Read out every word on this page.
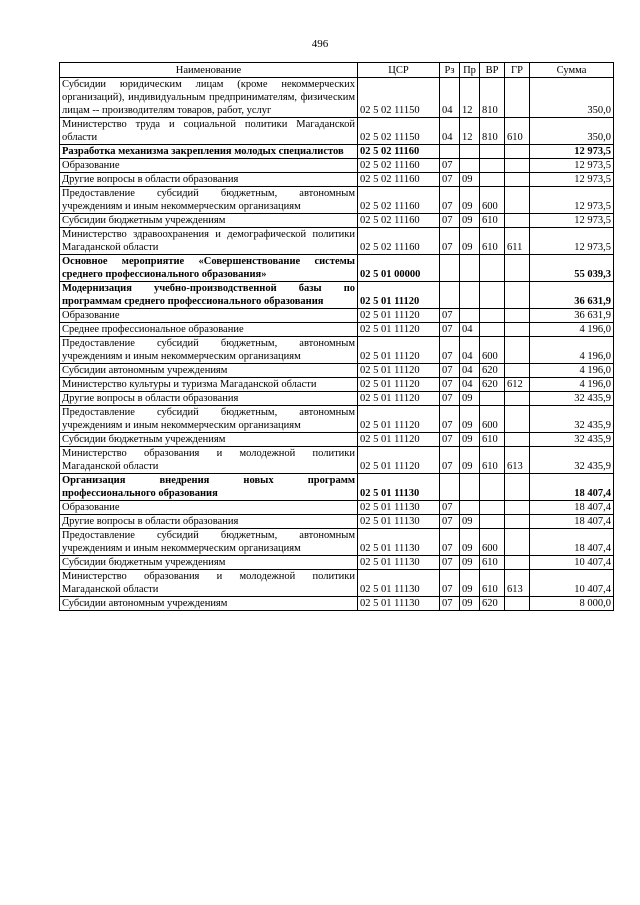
496
Наименование	ЦСР	Рз	Пр	ВР	ГР	Сумма
Субсидии юридическим лицам (кроме некоммерческих организаций), индивидуальным предпринимателям, физическим лицам -- производителям товаров, работ, услуг	02 5 02 11150	04	12	810		350,0
Министерство труда и социальной политики Магаданской области	02 5 02 11150	04	12	810	610	350,0
Разработка механизма закрепления молодых специалистов	02 5 02 11160					12 973,5
Образование	02 5 02 11160	07				12 973,5
Другие вопросы в области образования	02 5 02 11160	07	09			12 973,5
Предоставление субсидий бюджетным, автономным учреждениям и иным некоммерческим организациям	02 5 02 11160	07	09	600		12 973,5
Субсидии бюджетным учреждениям	02 5 02 11160	07	09	610		12 973,5
Министерство здравоохранения и демографической политики Магаданской области	02 5 02 11160	07	09	610	611	12 973,5
Основное мероприятие «Совершенствование системы среднего профессионального образования»	02 5 01 00000					55 039,3
Модернизация учебно-производственной базы по программам среднего профессионального образования	02 5 01 11120					36 631,9
Образование	02 5 01 11120	07				36 631,9
Среднее профессиональное образование	02 5 01 11120	07	04			4 196,0
Предоставление субсидий бюджетным, автономным учреждениям и иным некоммерческим организациям	02 5 01 11120	07	04	600		4 196,0
Субсидии автономным учреждениям	02 5 01 11120	07	04	620		4 196,0
Министерство культуры и туризма Магаданской области	02 5 01 11120	07	04	620	612	4 196,0
Другие вопросы в области образования	02 5 01 11120	07	09			32 435,9
Предоставление субсидий бюджетным, автономным учреждениям и иным некоммерческим организациям	02 5 01 11120	07	09	600		32 435,9
Субсидии бюджетным учреждениям	02 5 01 11120	07	09	610		32 435,9
Министерство образования и молодежной политики Магаданской области	02 5 01 11120	07	09	610	613	32 435,9
Организация внедрения новых программ профессионального образования	02 5 01 11130					18 407,4
Образование	02 5 01 11130	07				18 407,4
Другие вопросы в области образования	02 5 01 11130	07	09			18 407,4
Предоставление субсидий бюджетным, автономным учреждениям и иным некоммерческим организациям	02 5 01 11130	07	09	600		18 407,4
Субсидии бюджетным учреждениям	02 5 01 11130	07	09	610		10 407,4
Министерство образования и молодежной политики Магаданской области	02 5 01 11130	07	09	610	613	10 407,4
Субсидии автономным учреждениям	02 5 01 11130	07	09	620		8 000,0
